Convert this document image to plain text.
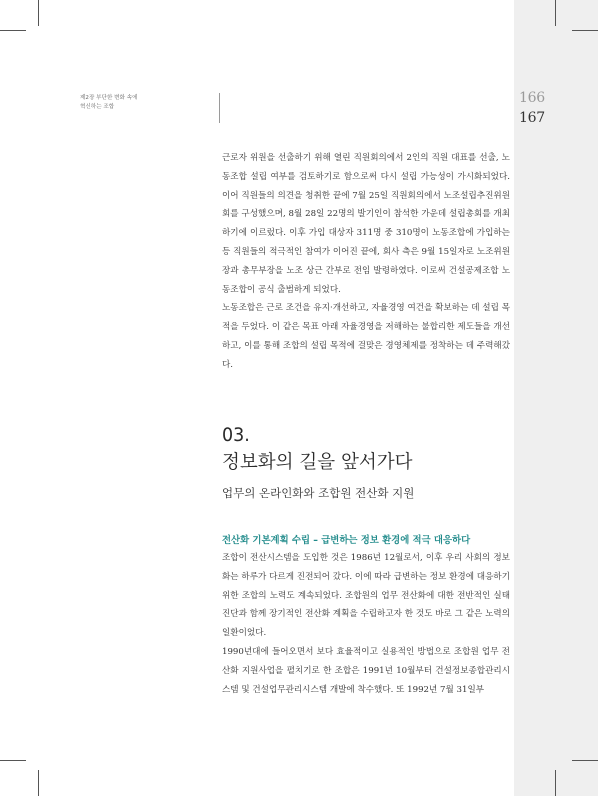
제2장 부단한 변화 속에
혁신하는 조합
166
167

근로자 위원을 선출하기 위해 열린 직원회의에서 2인의 직원 대표를 선출, 노동조합 설립 여부를 검토하기로 함으로써 다시 설립 가능성이 가시화되었다. 이어 직원들의 의견을 청취한 끝에 7월 25일 직원회의에서 노조설립추진위원회를 구성했으며, 8월 28일 22명의 발기인이 참석한 가운데 설립총회를 개최하기에 이르렀다. 이후 가입 대상자 311명 중 310명이 노동조합에 가입하는 등 직원들의 적극적인 참여가 이어진 끝에, 회사 측은 9월 15일자로 노조위원장과 총무부장을 노조 상근 간부로 전임 발령하였다. 이로써 건설공제조합 노동조합이 공식 출범하게 되었다.

노동조합은 근로 조건을 유지·개선하고, 자율경영 여건을 확보하는 데 설립 목적을 두었다. 이 같은 목표 아래 자율경영을 저해하는 불합리한 제도들을 개선하고, 이를 통해 조합의 설립 목적에 걸맞은 경영체제를 정착하는 데 주력해갔다.

03.
정보화의 길을 앞서가다
업무의 온라인화와 조합원 전산화 지원
전산화 기본계획 수립 – 급변하는 정보 환경에 적극 대응하다

조합이 전산시스템을 도입한 것은 1986년 12월로서, 이후 우리 사회의 정보화는 하루가 다르게 진전되어 갔다. 이에 따라 급변하는 정보 환경에 대응하기 위한 조합의 노력도 계속되었다. 조합원의 업무 전산화에 대한 전반적인 실태 진단과 함께 장기적인 전산화 계획을 수립하고자 한 것도 바로 그 같은 노력의 일환이었다.

1990년대에 들어오면서 보다 효율적이고 실용적인 방법으로 조합원 업무 전산화 지원사업을 펼치기로 한 조합은 1991년 10월부터 건설정보종합관리시스템 및 건설업무관리시스템 개발에 착수했다. 또 1992년 7월 31일부
